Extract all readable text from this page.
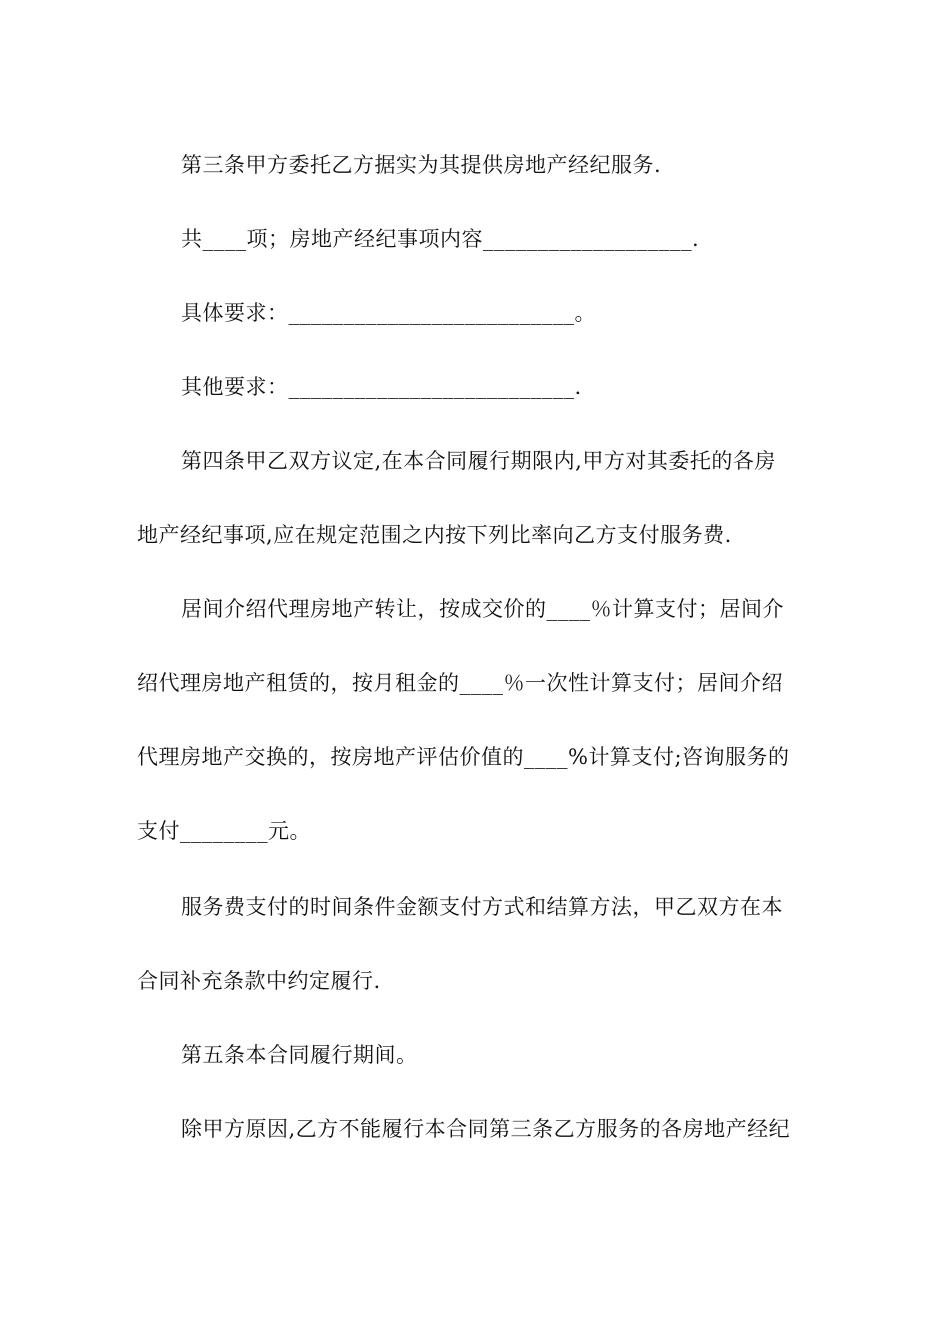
第三条甲方委托乙方据实为其提供房地产经纪服务.
共____项；房地产经纪事项内容___________________.
具体要求：__________________________。
其他要求：__________________________.
第四条甲乙双方议定,在本合同履行期限内,甲方对其委托的各房
地产经纪事项,应在规定范围之内按下列比率向乙方支付服务费.
居间介绍代理房地产转让，按成交价的____％计算支付；居间介
绍代理房地产租赁的，按月租金的____％一次性计算支付；居间介绍
代理房地产交换的，按房地产评估价值的____%计算支付;咨询服务的
支付________元。
服务费支付的时间条件金额支付方式和结算方法，甲乙双方在本
合同补充条款中约定履行.
第五条本合同履行期间。
除甲方原因,乙方不能履行本合同第三条乙方服务的各房地产经纪
